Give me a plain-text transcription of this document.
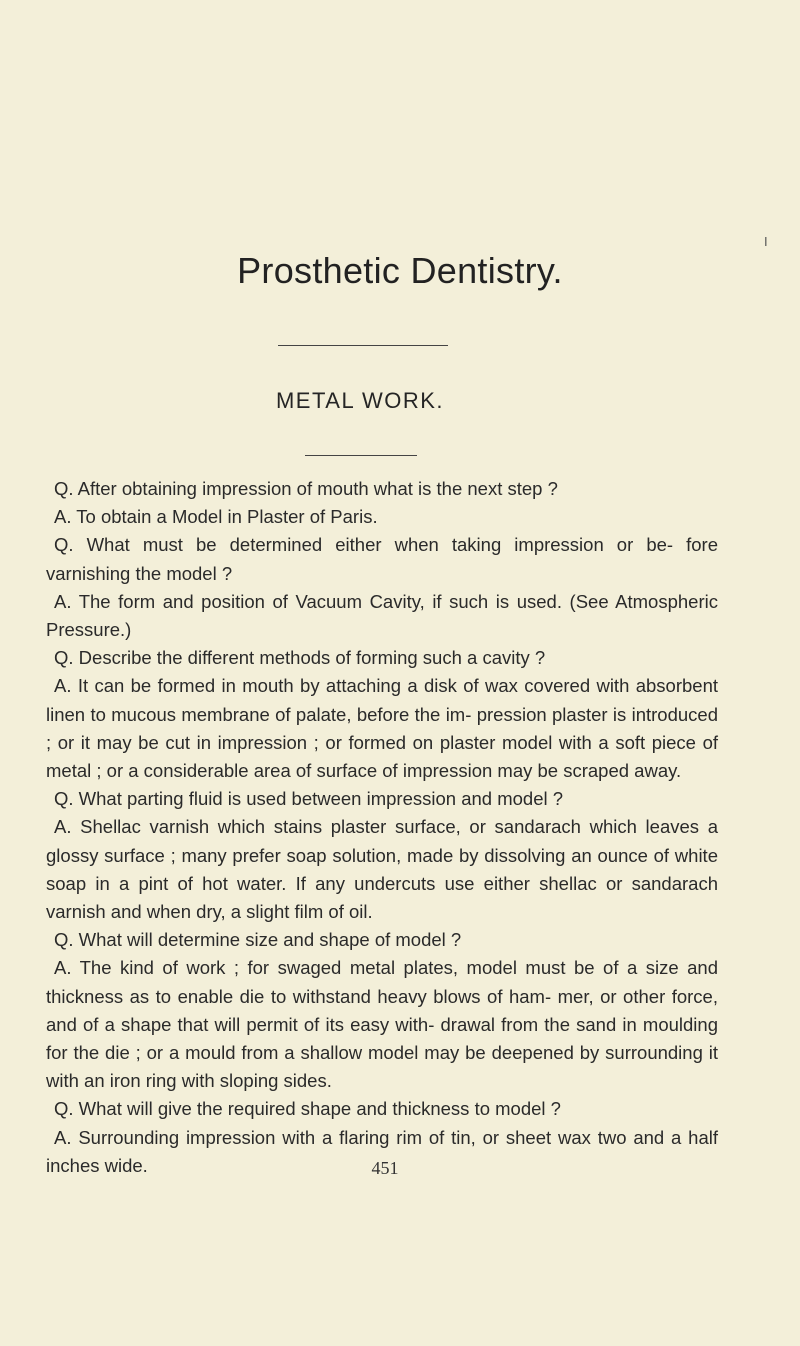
I
Prosthetic Dentistry.
METAL WORK.

Q. After obtaining impression of mouth what is the next step ?

A. To obtain a Model in Plaster of Paris.

Q. What must be determined either when taking impression or be- fore varnishing the model ?

A. The form and position of Vacuum Cavity, if such is used. (See Atmospheric Pressure.)

Q. Describe the different methods of forming such a cavity ?

A. It can be formed in mouth by attaching a disk of wax covered with absorbent linen to mucous membrane of palate, before the im- pression plaster is introduced ; or it may be cut in impression ; or formed on plaster model with a soft piece of metal ; or a considerable area of surface of impression may be scraped away.

Q. What parting fluid is used between impression and model ?

A. Shellac varnish which stains plaster surface, or sandarach which leaves a glossy surface ; many prefer soap solution, made by dissolving an ounce of white soap in a pint of hot water. If any undercuts use either shellac or sandarach varnish and when dry, a slight film of oil.

Q. What will determine size and shape of model ?

A. The kind of work ; for swaged metal plates, model must be of a size and thickness as to enable die to withstand heavy blows of ham- mer, or other force, and of a shape that will permit of its easy with- drawal from the sand in moulding for the die ; or a mould from a shallow model may be deepened by surrounding it with an iron ring with sloping sides.

Q. What will give the required shape and thickness to model ?

A. Surrounding impression with a flaring rim of tin, or sheet wax two and a half inches wide.	451
